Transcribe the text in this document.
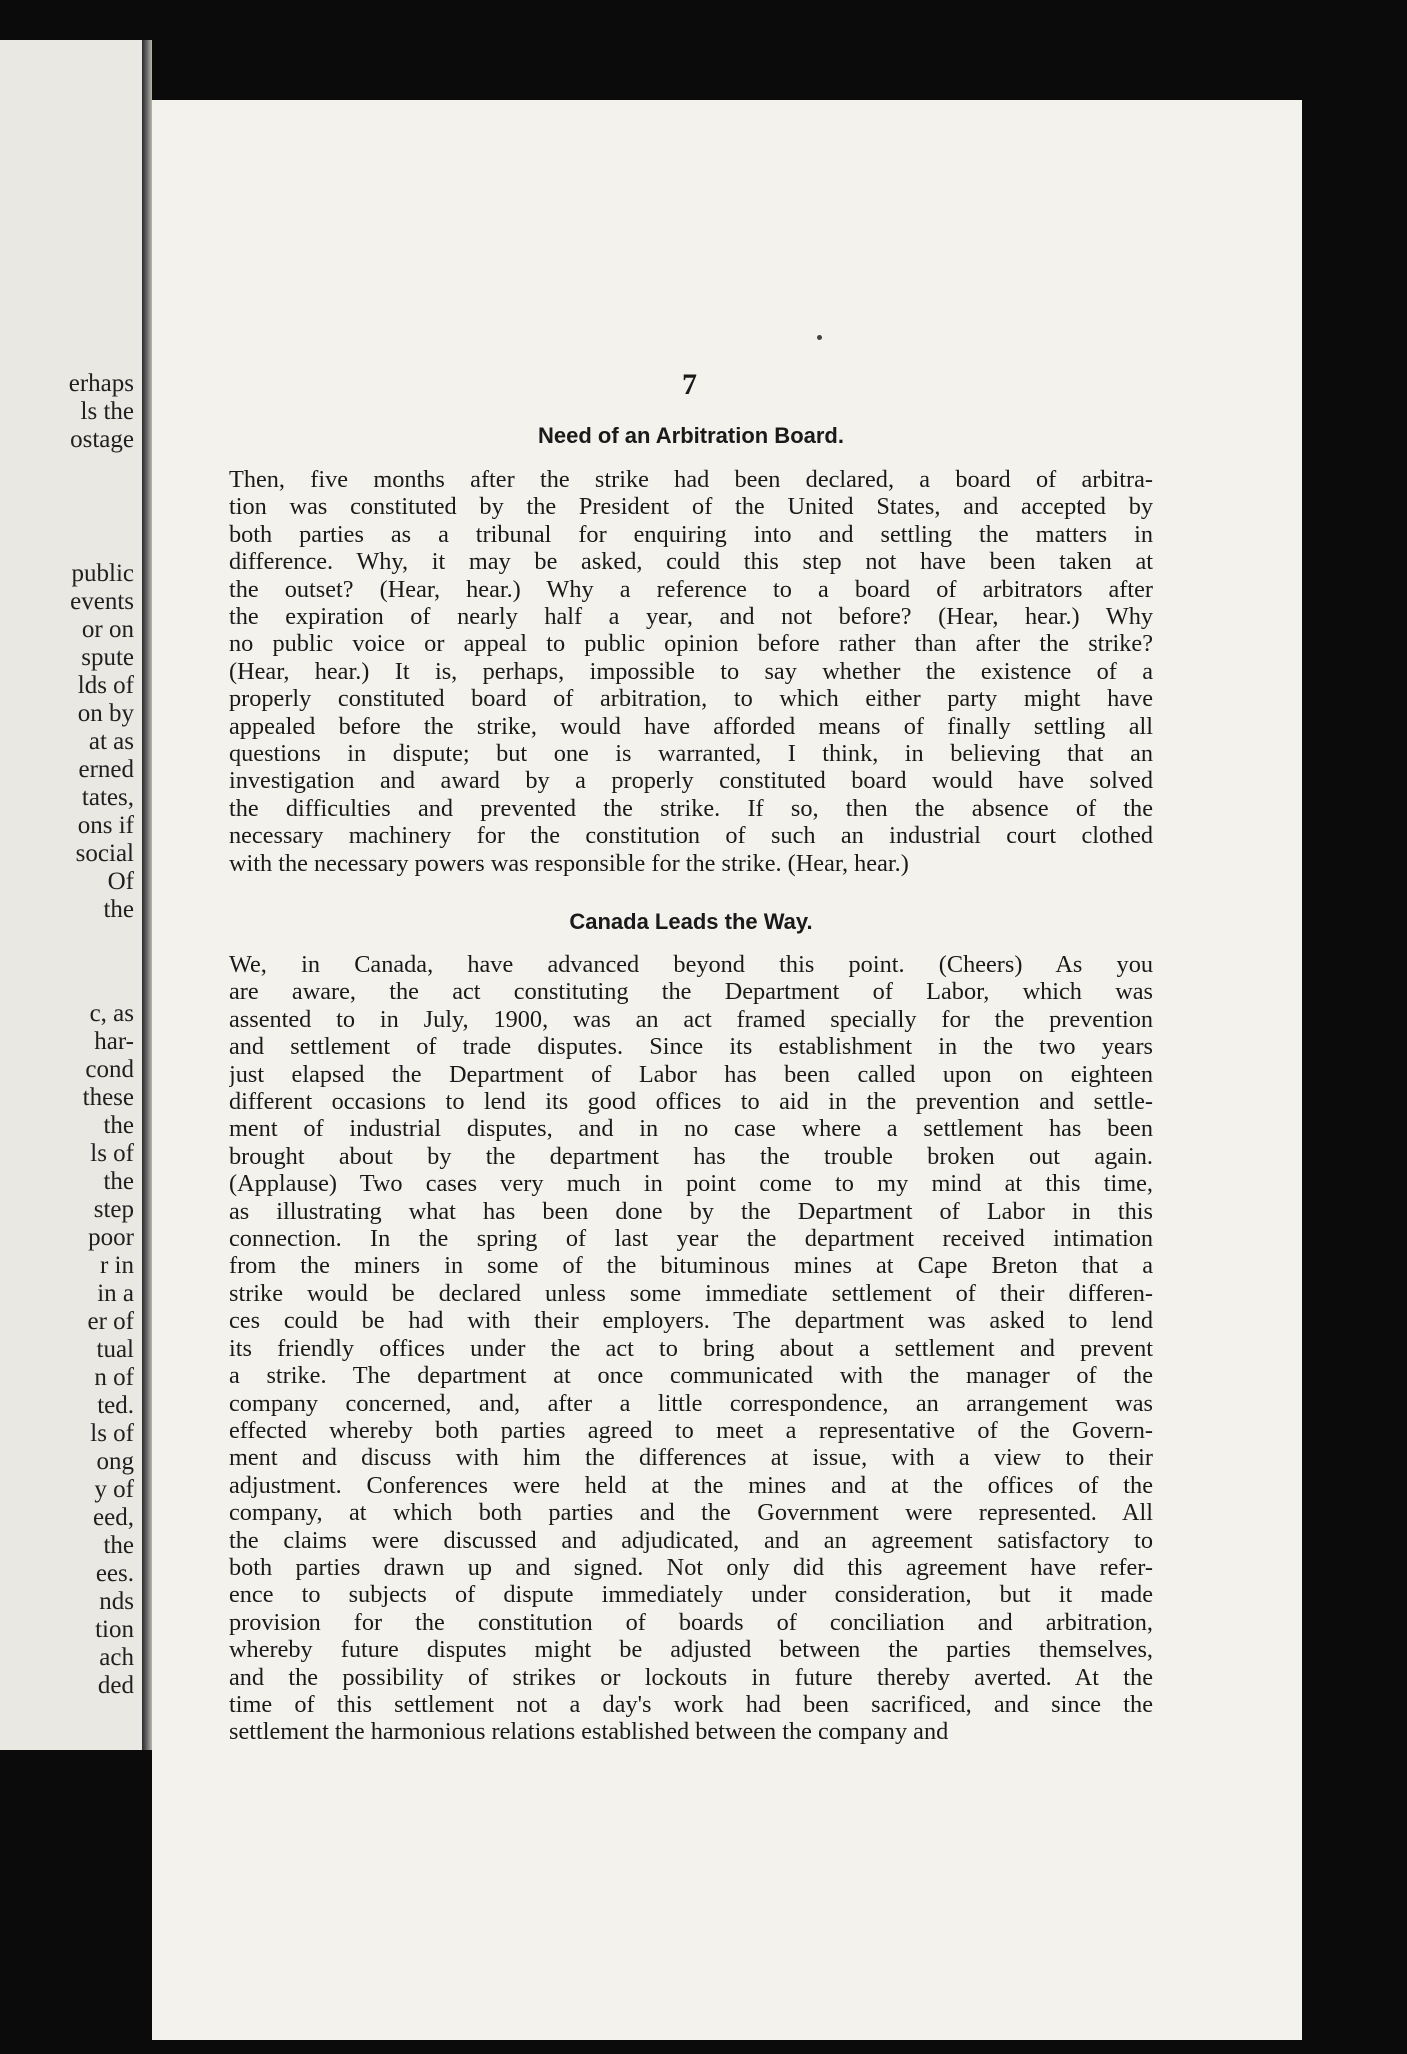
erhaps
ls the
ostage
public
events
or on
spute
lds of
on by
at as
erned
tates,
ons if
social
Of
the
c, as
har-
cond
these
the
ls of
the
step
poor
r in
in a
er of
tual
n of
ted.
ls of
ong
y of
eed,
the
ees.
nds
tion
ach
ded
7
Need of an Arbitration Board.
Then, five months after the strike had been declared, a board of arbitra-
tion was constituted by the President of the United States, and accepted by
both parties as a tribunal for enquiring into and settling the matters in
difference. Why, it may be asked, could this step not have been taken at
the outset? (Hear, hear.) Why a reference to a board of arbitrators after
the expiration of nearly half a year, and not before? (Hear, hear.) Why
no public voice or appeal to public opinion before rather than after the strike?
(Hear, hear.) It is, perhaps, impossible to say whether the existence of a
properly constituted board of arbitration, to which either party might have
appealed before the strike, would have afforded means of finally settling all
questions in dispute; but one is warranted, I think, in believing that an
investigation and award by a properly constituted board would have solved
the difficulties and prevented the strike. If so, then the absence of the
necessary machinery for the constitution of such an industrial court clothed
with the necessary powers was responsible for the strike. (Hear, hear.)
Canada Leads the Way.
We, in Canada, have advanced beyond this point. (Cheers) As you
are aware, the act constituting the Department of Labor, which was
assented to in July, 1900, was an act framed specially for the prevention
and settlement of trade disputes. Since its establishment in the two years
just elapsed the Department of Labor has been called upon on eighteen
different occasions to lend its good offices to aid in the prevention and settle-
ment of industrial disputes, and in no case where a settlement has been
brought about by the department has the trouble broken out again.
(Applause) Two cases very much in point come to my mind at this time,
as illustrating what has been done by the Department of Labor in this
connection. In the spring of last year the department received intimation
from the miners in some of the bituminous mines at Cape Breton that a
strike would be declared unless some immediate settlement of their differen-
ces could be had with their employers. The department was asked to lend
its friendly offices under the act to bring about a settlement and prevent
a strike. The department at once communicated with the manager of the
company concerned, and, after a little correspondence, an arrangement was
effected whereby both parties agreed to meet a representative of the Govern-
ment and discuss with him the differences at issue, with a view to their
adjustment. Conferences were held at the mines and at the offices of the
company, at which both parties and the Government were represented. All
the claims were discussed and adjudicated, and an agreement satisfactory to
both parties drawn up and signed. Not only did this agreement have refer-
ence to subjects of dispute immediately under consideration, but it made
provision for the constitution of boards of conciliation and arbitration,
whereby future disputes might be adjusted between the parties themselves,
and the possibility of strikes or lockouts in future thereby averted. At the
time of this settlement not a day's work had been sacrificed, and since the
settlement the harmonious relations established between the company and
